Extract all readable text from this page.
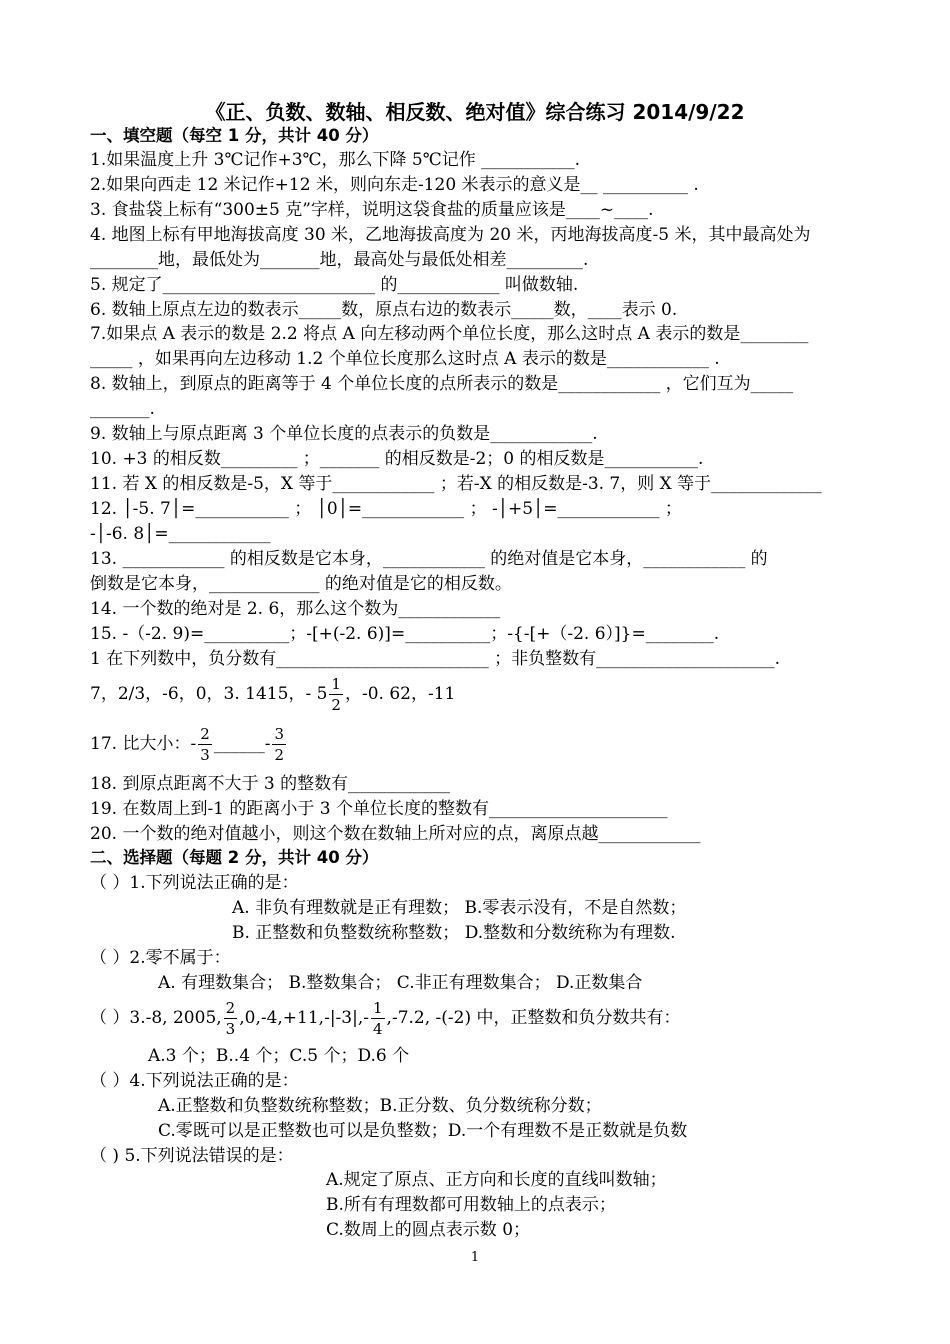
《正、负数、数轴、相反数、绝对值》综合练习 2014/9/22
一、填空题（每空 1 分，共计 40 分）
1.如果温度上升 3℃记作+3℃，那么下降 5℃记作 ___________.
2.如果向西走 12 米记作+12 米，则向东走-120 米表示的意义是__ __________ .
3. 食盐袋上标有“300±5 克”字样，说明这袋食盐的质量应该是____~____.
4. 地图上标有甲地海拔高度 30 米，乙地海拔高度为 20 米，丙地海拔高度-5 米，其中最高处为
________地，最低处为_______地，最高处与最低处相差_________.
5. 规定了_________________________ 的____________ 叫做数轴.
6. 数轴上原点左边的数表示_____数，原点右边的数表示_____数，____表示 0.
7.如果点 A 表示的数是 2.2 将点 A 向左移动两个单位长度，那么这时点 A 表示的数是________
_____ ，如果再向左边移动 1.2 个单位长度那么这时点 A 表示的数是____________ .
8. 数轴上，到原点的距离等于 4 个单位长度的点所表示的数是____________ ，它们互为_____
_______.
9. 数轴上与原点距离 3 个单位长度的点表示的负数是____________.
10. +3 的相反数_________ ；_______ 的相反数是-2；0 的相反数是___________.
11. 若 X 的相反数是-5，X 等于____________ ；若-X 的相反数是-3. 7，则 X 等于_____________
12. │-5. 7│=___________ ； │0│=____________ ； -│+5│=____________ ；
-│-6. 8│=____________
13. ____________ 的相反数是它本身，____________ 的绝对值是它本身，____________ 的
倒数是它本身，_____________ 的绝对值是它的相反数。
14. 一个数的绝对是 2. 6，那么这个数为____________
15. -（-2. 9)=__________；-[+(-2. 6)]=__________；-{-[+（-2. 6）]}=________.
1 在下列数中，负分数有_________________________ ；非负整数有_____________________.
7，2/3，-6，0，3. 1415，- $5 \frac{1}{2}$ ，-0. 62，-11
17. 比大小：- $\frac{2}{3}$ ______- $\frac{3}{2}$
18. 到原点距离不大于 3 的整数有____________
19. 在数周上到-1 的距离小于 3 个单位长度的整数有_____________________
20. 一个数的绝对值越小，则这个数在数轴上所对应的点，离原点越____________
二、选择题（每题 2 分，共计 40 分）
（ ）1.下列说法正确的是：
A. 非负有理数就是正有理数； B.零表示没有，不是自然数；
B. 正整数和负整数统称整数； D.整数和分数统称为有理数.
（ ）2.零不属于：
A. 有理数集合； B.整数集合； C.非正有理数集合； D.正数集合
（ ）3.-8, 2005, $\frac{2}{3} ,0,-4,+11,-|-3|,- \frac{1}{4} ,-7.2$, -(-2) 中，正整数和负分数共有：
A.3 个；B..4 个；C.5 个；D.6 个
（ ）4.下列说法正确的是：
A.正整数和负整数统称整数；B.正分数、负分数统称分数；
C.零既可以是正整数也可以是负整数；D.一个有理数不是正数就是负数
（ ) 5.下列说法错误的是：
A.规定了原点、正方向和长度的直线叫数轴；
B.所有有理数都可用数轴上的点表示；
C.数周上的圆点表示数 0；
1
